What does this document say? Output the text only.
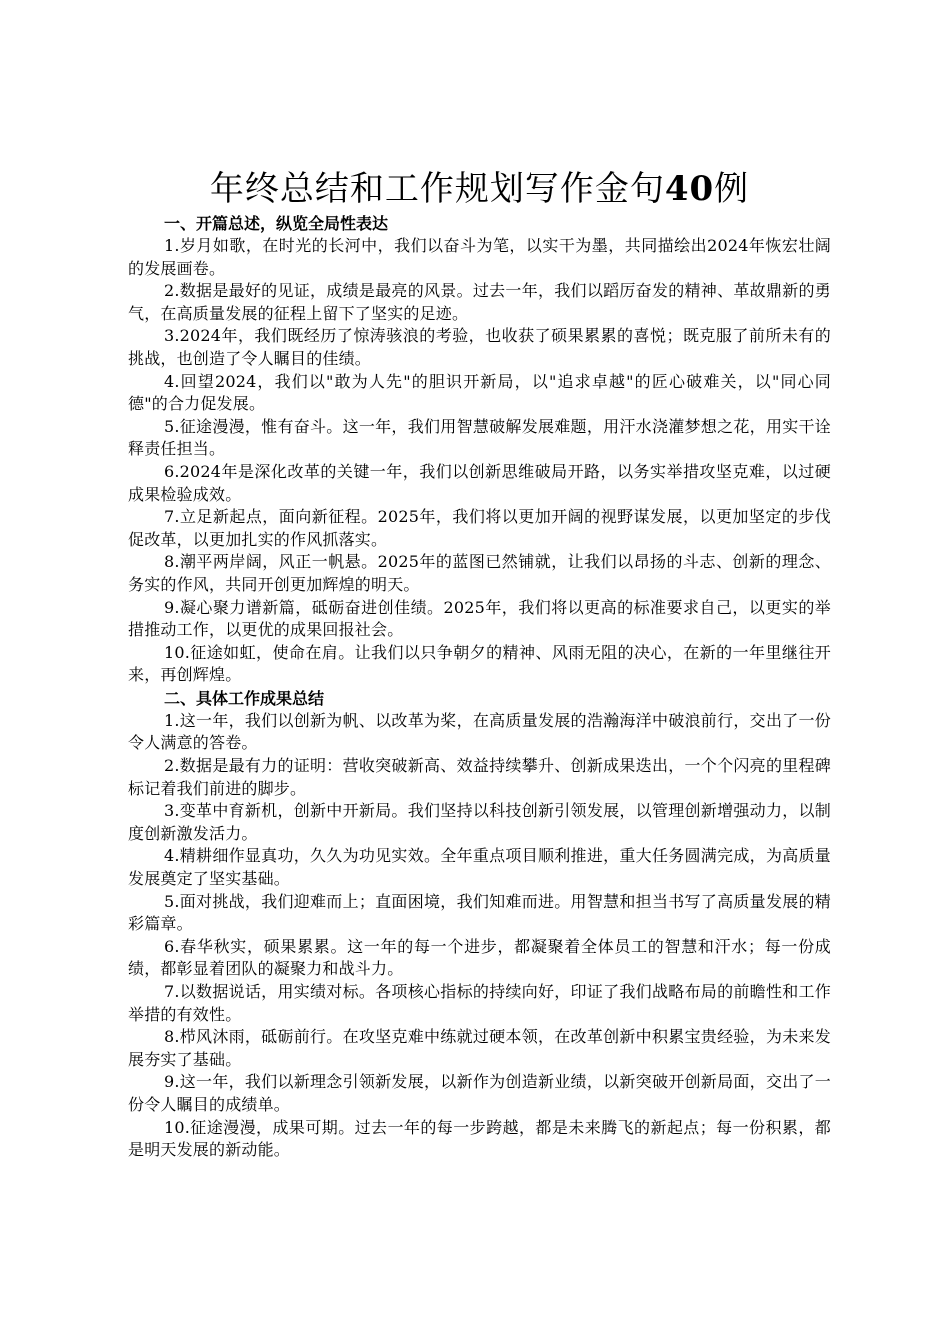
年终总结和工作规划写作金句40例

一、开篇总述，纵览全局性表达

1.岁月如歌，在时光的长河中，我们以奋斗为笔，以实干为墨，共同描绘出2024年恢宏壮阔的发展画卷。

2.数据是最好的见证，成绩是最亮的风景。过去一年，我们以蹈厉奋发的精神、革故鼎新的勇气，在高质量发展的征程上留下了坚实的足迹。

3.2024年，我们既经历了惊涛骇浪的考验，也收获了硕果累累的喜悦；既克服了前所未有的挑战，也创造了令人瞩目的佳绩。

4.回望2024，我们以"敢为人先"的胆识开新局，以"追求卓越"的匠心破难关，以"同心同德"的合力促发展。

5.征途漫漫，惟有奋斗。这一年，我们用智慧破解发展难题，用汗水浇灌梦想之花，用实干诠释责任担当。

6.2024年是深化改革的关键一年，我们以创新思维破局开路，以务实举措攻坚克难，以过硬成果检验成效。

7.立足新起点，面向新征程。2025年，我们将以更加开阔的视野谋发展，以更加坚定的步伐促改革，以更加扎实的作风抓落实。

8.潮平两岸阔，风正一帆悬。2025年的蓝图已然铺就，让我们以昂扬的斗志、创新的理念、务实的作风，共同开创更加辉煌的明天。

9.凝心聚力谱新篇，砥砺奋进创佳绩。2025年，我们将以更高的标准要求自己，以更实的举措推动工作，以更优的成果回报社会。

10.征途如虹，使命在肩。让我们以只争朝夕的精神、风雨无阻的决心，在新的一年里继往开来，再创辉煌。

二、具体工作成果总结

1.这一年，我们以创新为帆、以改革为桨，在高质量发展的浩瀚海洋中破浪前行，交出了一份令人满意的答卷。

2.数据是最有力的证明：营收突破新高、效益持续攀升、创新成果迭出，一个个闪亮的里程碑标记着我们前进的脚步。

3.变革中育新机，创新中开新局。我们坚持以科技创新引领发展，以管理创新增强动力，以制度创新激发活力。

4.精耕细作显真功，久久为功见实效。全年重点项目顺利推进，重大任务圆满完成，为高质量发展奠定了坚实基础。

5.面对挑战，我们迎难而上；直面困境，我们知难而进。用智慧和担当书写了高质量发展的精彩篇章。

6.春华秋实，硕果累累。这一年的每一个进步，都凝聚着全体员工的智慧和汗水；每一份成绩，都彰显着团队的凝聚力和战斗力。

7.以数据说话，用实绩对标。各项核心指标的持续向好，印证了我们战略布局的前瞻性和工作举措的有效性。

8.栉风沐雨，砥砺前行。在攻坚克难中练就过硬本领，在改革创新中积累宝贵经验，为未来发展夯实了基础。

9.这一年，我们以新理念引领新发展，以新作为创造新业绩，以新突破开创新局面，交出了一份令人瞩目的成绩单。

10.征途漫漫，成果可期。过去一年的每一步跨越，都是未来腾飞的新起点；每一份积累，都是明天发展的新动能。
